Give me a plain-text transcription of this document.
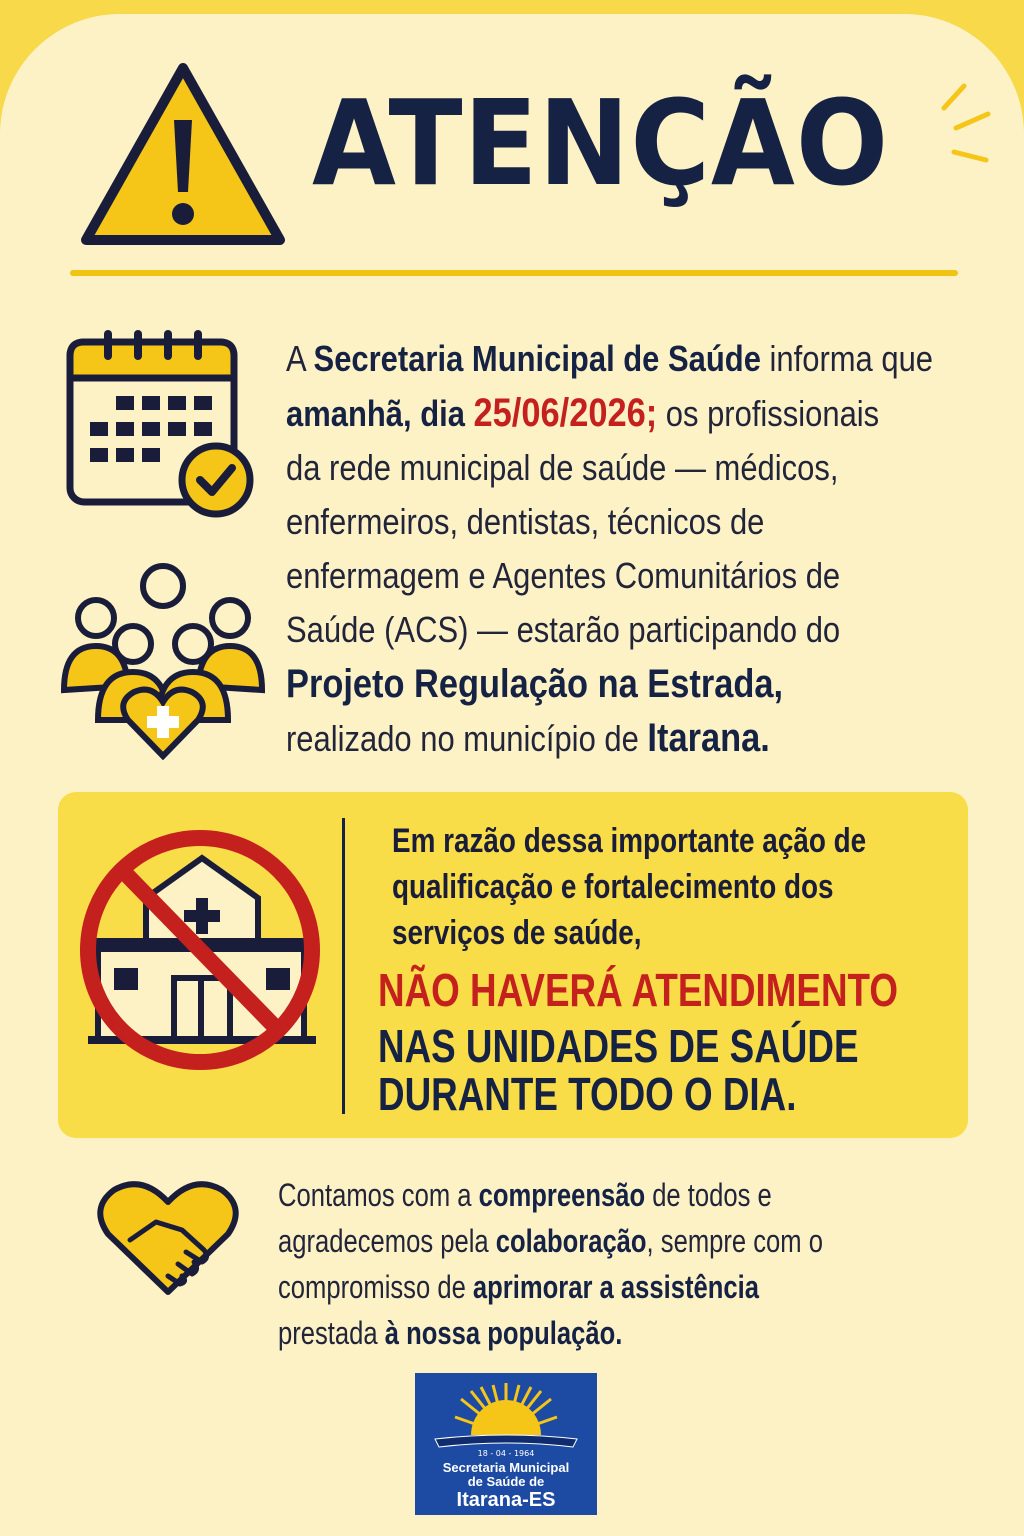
ATENÇÃO
A Secretaria Municipal de Saúde informa que
amanhã, dia 25/06/2026; os profissionais
da rede municipal de saúde — médicos,
enfermeiros, dentistas, técnicos de
enfermagem e Agentes Comunitários de
Saúde (ACS) — estarão participando do
Projeto Regulação na Estrada,
realizado no município de Itarana.
Em razão dessa importante ação de
qualificação e fortalecimento dos
serviços de saúde,
NÃO HAVERÁ ATENDIMENTO
NAS UNIDADES DE SAÚDE
DURANTE TODO O DIA.
Contamos com a compreensão de todos e
agradecemos pela colaboração, sempre com o
compromisso de aprimorar a assistência
prestada à nossa população.
18 - 04 - 1964
Secretaria Municipal
de Saúde de
Itarana-ES
